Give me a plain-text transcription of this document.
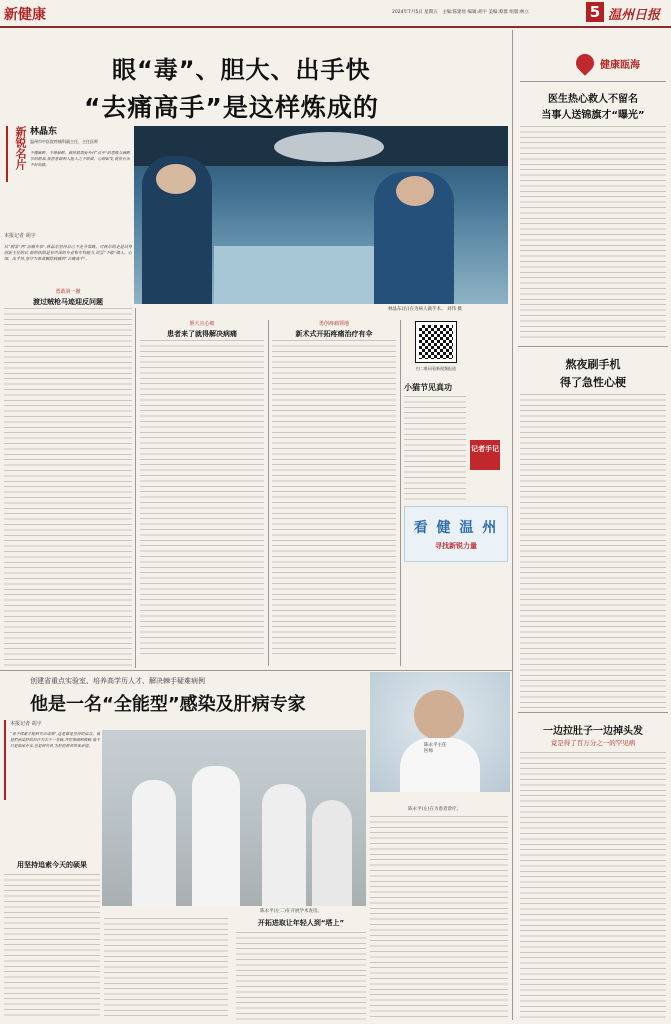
新健康	2024年7月5日 星期五 主编:陈建瑶 编辑:胡宇 美编:蔡群 组版:林立	5 温州日报
眼“毒”、胆大、出手快
“去痛高手”是这样炼成的
新锐名片 林晶东
温州市中医院疼痛科副主任、主任医师
不懂麻醉、不想麻醉。做疼痛需要外科“动手”的思维与麻醉学的精准,我愿意做到人能人之不敢做、心细如发,就没有治不好的痛。
本报记者 胡宇
从“脱掌”到“治痛专家”,林晶东坚持自己不走寻常路。可林东的走是试身创新主任的后,他的执照是有资深的专业和专科能力,说要“不敢”做人、心细、出手快,坚守为患者解除病痛的“去痛高手”。
林晶东(右)在为病人做手术。 刘伟 摄
勇敢第一撤
渡过贼枪马迹迎反问题
胆大且心细
患者来了就得解决病痛
勇创疼痛领地
新术式开拓疼痛治疗有伞
扫二维码看新视频报道
小猫节见真功
记者手记
看 健 温 州
寻找新锐力量
创建省重点实验室、培养高学历人才、解决棘手疑难病例
他是一名“全能型”感染及肝病专家
陈永平主任医师
本报记者 胡宇
“勇于探索才能研究出成果”,这是都是坚持的信念。他是把感染肝病科作为实干一条路,并把事做到极致:他不只是临床专家,也是研究者,为肝病患者带来希望。
陈永平(左二)在开展学术查房。
陈永平(左)在为患者诊疗。
用坚持追索今天的硕果
开拓进取让年轻人到“塔上”
健康瓯海
医生热心救人不留名
当事人送锦旗才“曝光”
熬夜刷手机
得了急性心梗
一边拉肚子一边掉头发
竟是得了百万分之一的罕见病
